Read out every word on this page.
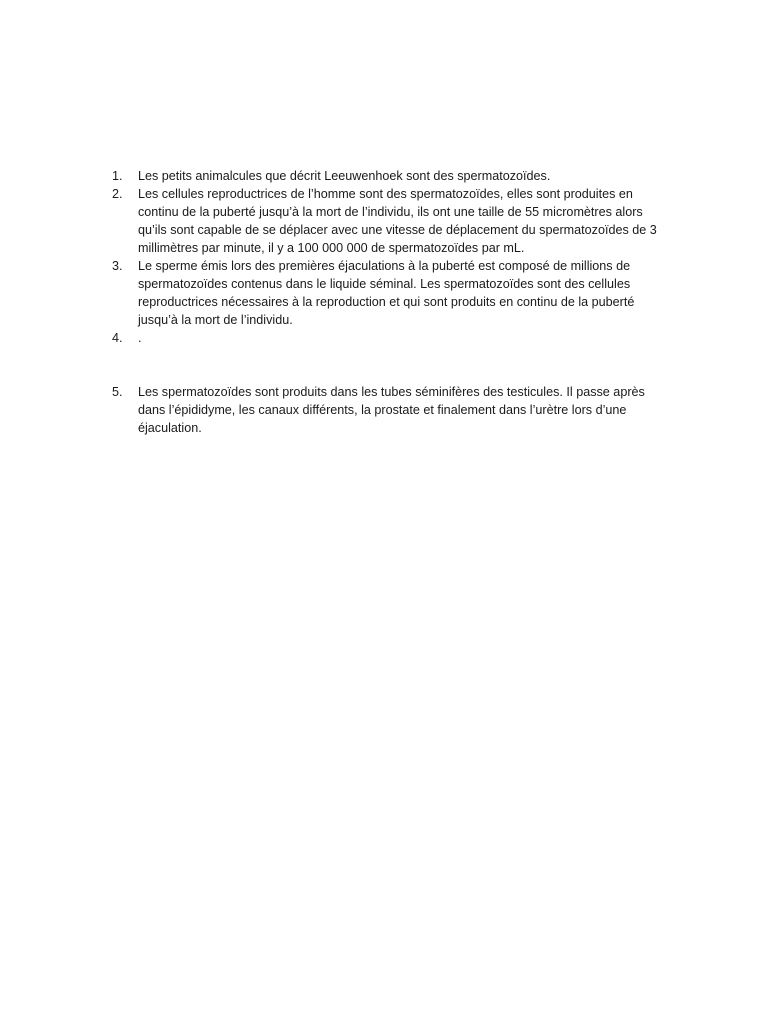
1.	Les petits animalcules que décrit Leeuwenhoek sont des spermatozoïdes.
2.	Les cellules reproductrices de l’homme sont des spermatozoïdes, elles sont produites en continu de la puberté jusqu’à la mort de l’individu, ils ont une taille de 55 micromètres alors qu’ils sont capable de se déplacer avec une vitesse de déplacement du spermatozoïdes de 3 millimètres par minute, il y a 100 000 000 de spermatozoïdes par mL.
3.	Le sperme émis lors des premières éjaculations à la puberté est composé de millions de spermatozoïdes contenus dans le liquide séminal. Les spermatozoïdes sont des cellules reproductrices nécessaires à la reproduction et qui sont produits en continu de la puberté jusqu’à la mort de l’individu.
4.	.
5.	Les spermatozoïdes sont produits dans les tubes séminifères des testicules. Il passe après dans l’épididyme, les canaux différents, la prostate et finalement dans l’urètre lors d’une éjaculation.
